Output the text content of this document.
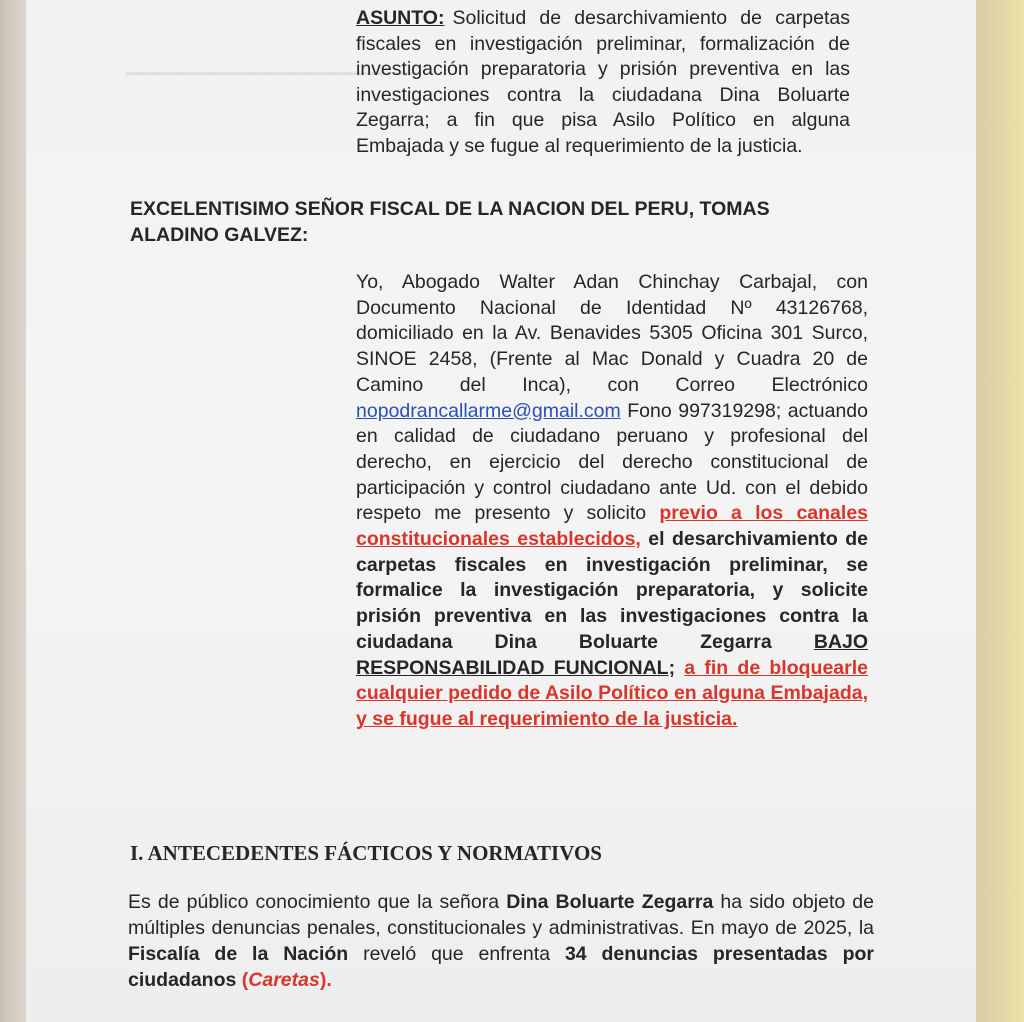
▔▔▔▔▔▔▔▔▔▔▔▔▔▔▔▔▔▔▔▔▔
ASUNTO: Solicitud de desarchivamiento de carpetas fiscales en investigación preliminar, formalización de investigación preparatoria y prisión preventiva en las investigaciones contra la ciudadana Dina Boluarte Zegarra; a fin que pisa Asilo Político en alguna Embajada y se fugue al requerimiento de la justicia.
EXCELENTISIMO SEÑOR FISCAL DE LA NACION DEL PERU, TOMAS ALADINO GALVEZ:
Yo, Abogado Walter Adan Chinchay Carbajal, con Documento Nacional de Identidad Nº 43126768, domiciliado en la Av. Benavides 5305 Oficina 301 Surco, SINOE 2458, (Frente al Mac Donald y Cuadra 20 de Camino del Inca), con Correo Electrónico nopodrancallarme@gmail.com Fono 997319298; actuando en calidad de ciudadano peruano y profesional del derecho, en ejercicio del derecho constitucional de participación y control ciudadano ante Ud. con el debido respeto me presento y solicito previo a los canales constitucionales establecidos, el desarchivamiento de carpetas fiscales en investigación preliminar, se formalice la investigación preparatoria, y solicite prisión preventiva en las investigaciones contra la ciudadana Dina Boluarte Zegarra BAJO RESPONSABILIDAD FUNCIONAL; a fin de bloquearle cualquier pedido de Asilo Político en alguna Embajada, y se fugue al requerimiento de la justicia.
I. ANTECEDENTES FÁCTICOS Y NORMATIVOS
Es de público conocimiento que la señora Dina Boluarte Zegarra ha sido objeto de múltiples denuncias penales, constitucionales y administrativas. En mayo de 2025, la Fiscalía de la Nación reveló que enfrenta 34 denuncias presentadas por ciudadanos (Caretas).
